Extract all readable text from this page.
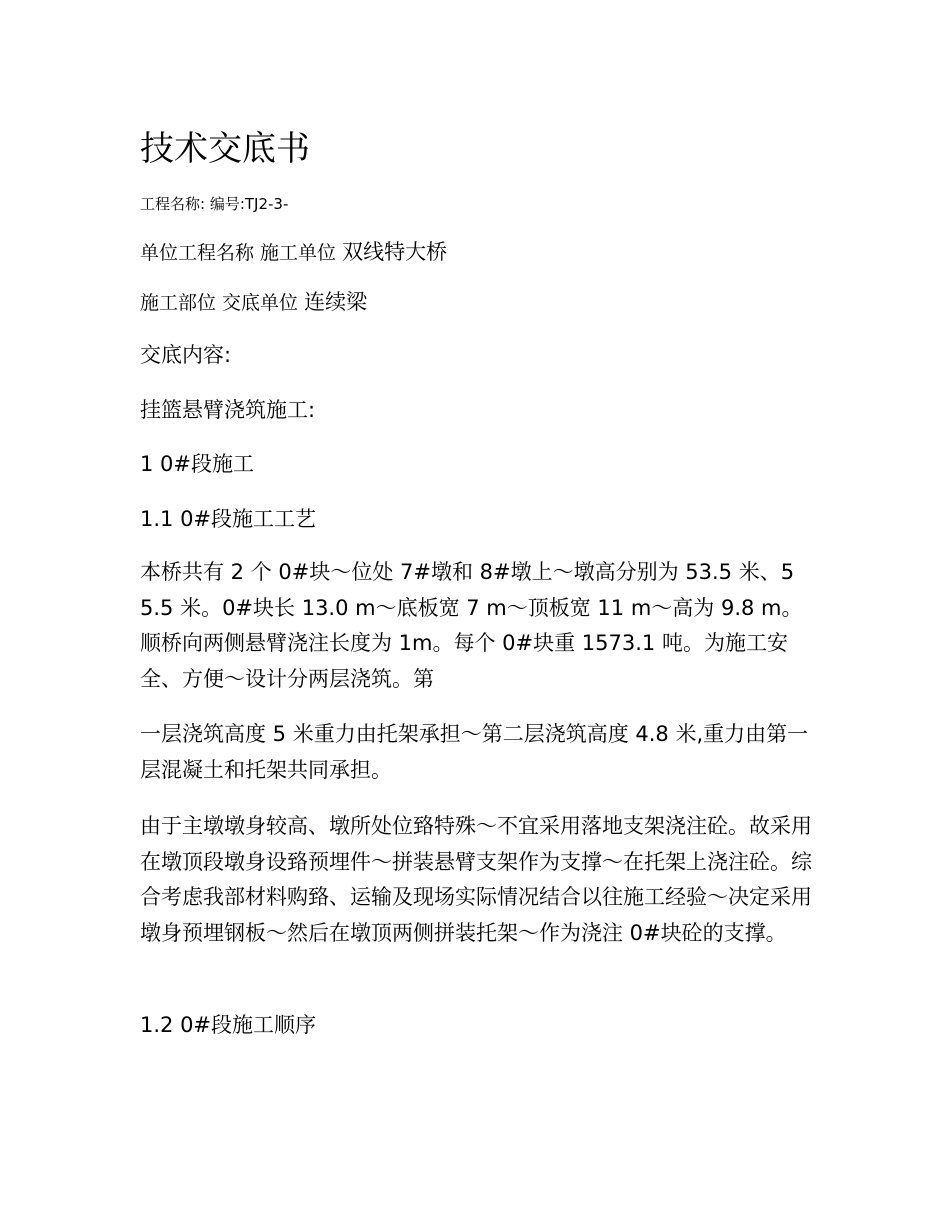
技术交底书
工程名称: 编号:TJ2-3-
单位工程名称 施工单位 双线特大桥
施工部位 交底单位 连续梁
交底内容:
挂篮悬臂浇筑施工:
1 0#段施工
1.1 0#段施工工艺
本桥共有 2 个 0#块～位处 7#墩和 8#墩上～墩高分别为 53.5 米、55.5 米。0#块长 13.0 m～底板宽 7 m～顶板宽 11 m～高为 9.8 m。顺桥向两侧悬臂浇注长度为 1m。每个 0#块重 1573.1 吨。为施工安全、方便～设计分两层浇筑。第
一层浇筑高度 5 米重力由托架承担～第二层浇筑高度 4.8 米,重力由第一层混凝土和托架共同承担。
由于主墩墩身较高、墩所处位臵特殊～不宜采用落地支架浇注砼。故采用在墩顶段墩身设臵预埋件～拼装悬臂支架作为支撑～在托架上浇注砼。综合考虑我部材料购臵、运输及现场实际情况结合以往施工经验～决定采用墩身预埋钢板～然后在墩顶两侧拼装托架～作为浇注 0#块砼的支撑。
1.2 0#段施工顺序
